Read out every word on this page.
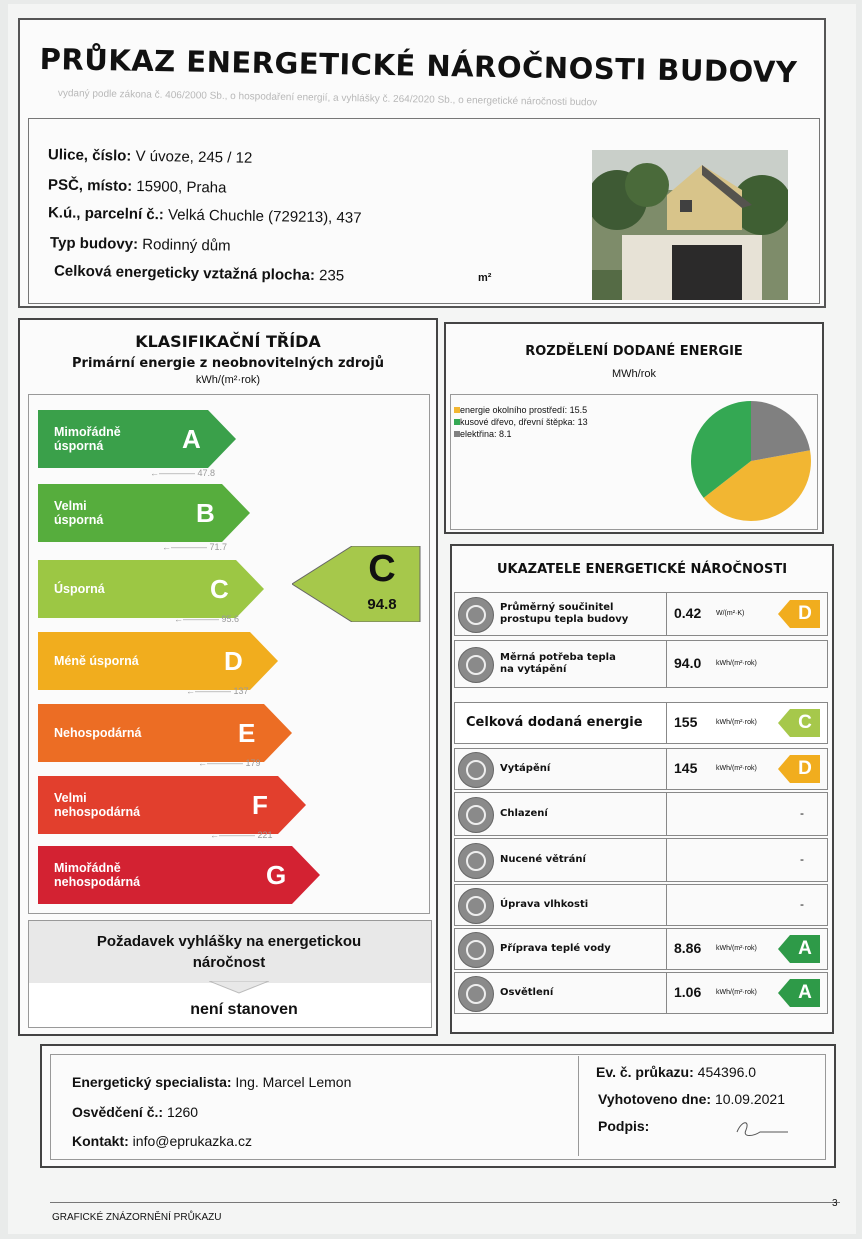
PRŮKAZ ENERGETICKÉ NÁROČNOSTI BUDOVY
vydaný podle zákona č. 406/2000 Sb., o hospodaření energií, a vyhlášky č. 264/2020 Sb., o energetické náročnosti budov
Ulice, číslo: V úvoze, 245 / 12
PSČ, místo: 15900, Praha
K.ú., parcelní č.: Velká Chuchle (729213), 437
Typ budovy: Rodinný dům
Celková energeticky vztažná plocha: 235	m²
KLASIFIKAČNÍ TŘÍDA
Primární energie z neobnovitelných zdrojů
kWh/(m²·rok)
Mimořádně
úsporná	A
←———— 47.8
Velmi
úsporná	B
←———— 71.7
Úsporná	C
←———— 95.6
Méně úsporná	D
←———— 137
Nehospodárná	E
←———— 179
Velmi
nehospodárná	F
←———— 221
Mimořádně
nehospodárná	G
C
94.8
Požadavek vyhlášky na energetickou náročnost
není stanoven
ROZDĚLENÍ DODANÉ ENERGIE
MWh/rok
energie okolního prostředí: 15.5
kusové dřevo, dřevní štěpka: 13
elektřina: 8.1
UKAZATELE ENERGETICKÉ NÁROČNOSTI
Průměrný součinitel
prostupu tepla budovy	0.42 W/(m²·K)	D
Měrná potřeba tepla
na vytápění	94.0 kWh/(m²·rok)
Celková dodaná energie 155	kWh/(m²·rok)	C
Vytápění	145	kWh/(m²·rok)	D
Chlazení	-
Nucené větrání	-
Úprava vlhkosti	-
Příprava teplé vody	8.86 kWh/(m²·rok)	A
Osvětlení	1.06 kWh/(m²·rok)	A
Energetický specialista: Ing. Marcel Lemon
Osvědčení č.: 1260
Kontakt: info@eprukazka.cz
Ev. č. průkazu: 454396.0
Vyhotoveno dne: 10.09.2021
Podpis:
GRAFICKÉ ZNÁZORNĚNÍ PRŮKAZU
3
